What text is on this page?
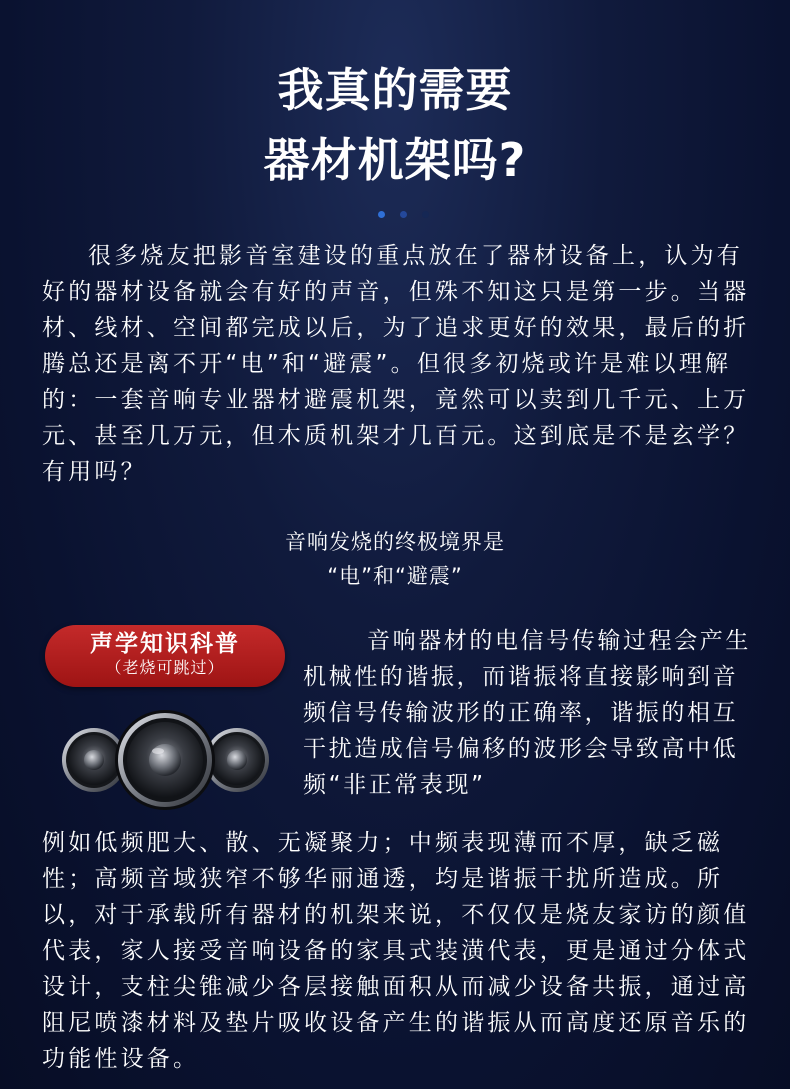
我真的需要
器材机架吗?

很多烧友把影音室建设的重点放在了器材设备上，认为有好的器材设备就会有好的声音，但殊不知这只是第一步。当器材、线材、空间都完成以后，为了追求更好的效果，最后的折腾总还是离不开“电”和“避震”。但很多初烧或许是难以理解的：一套音响专业器材避震机架，竟然可以卖到几千元、上万元、甚至几万元，但木质机架才几百元。这到底是不是玄学？有用吗？

音响发烧的终极境界是
“电”和“避震”
声学知识科普
（老烧可跳过）

音响器材的电信号传输过程会产生机械性的谐振，而谐振将直接影响到音频信号传输波形的正确率，谐振的相互干扰造成信号偏移的波形会导致高中低频“非正常表现”

例如低频肥大、散、无凝聚力；中频表现薄而不厚，缺乏磁性；高频音域狭窄不够华丽通透，均是谐振干扰所造成。所以，对于承载所有器材的机架来说，不仅仅是烧友家访的颜值代表，家人接受音响设备的家具式装潢代表，更是通过分体式设计，支柱尖锥减少各层接触面积从而减少设备共振，通过高阻尼喷漆材料及垫片吸收设备产生的谐振从而高度还原音乐的功能性设备。
